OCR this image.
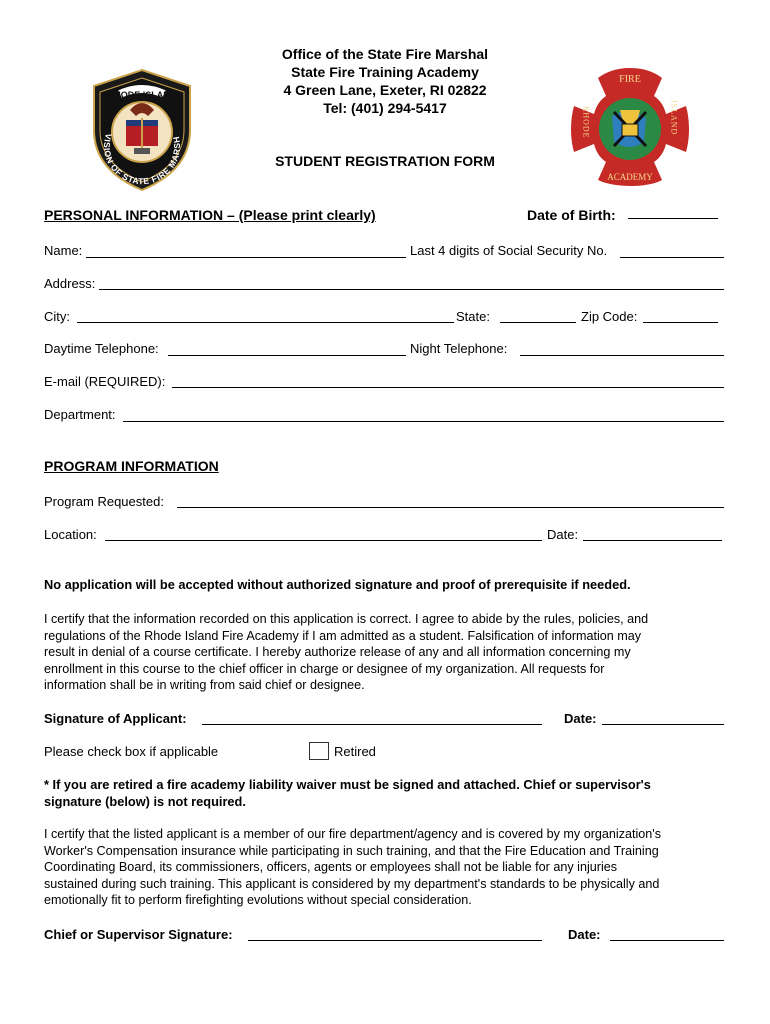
Office of the State Fire Marshal
State Fire Training Academy
4 Green Lane, Exeter, RI 02822
Tel: (401) 294-5417
STUDENT REGISTRATION FORM
RHODE ISLAND
VISION OF STATE FIRE MARSH
FIRE
ACADEMY
RHODE	ISLAND
PERSONAL INFORMATION – (Please print clearly)	Date of Birth:
Name:	Last 4 digits of Social Security No.
Address:
City:	State:	Zip Code:
Daytime Telephone:	Night Telephone:
E-mail (REQUIRED):
Department:
PROGRAM INFORMATION
Program Requested:
Location:	Date:
No application will be accepted without authorized signature and proof of prerequisite if needed.
I certify that the information recorded on this application is correct. I agree to abide by the rules, policies, and
regulations of the Rhode Island Fire Academy if I am admitted as a student. Falsification of information may
result in denial of a course certificate. I hereby authorize release of any and all information concerning my
enrollment in this course to the chief officer in charge or designee of my organization. All requests for
information shall be in writing from said chief or designee.
Signature of Applicant:	Date:
Please check box if applicable	Retired
* If you are retired a fire academy liability waiver must be signed and attached. Chief or supervisor's
signature (below) is not required.
I certify that the listed applicant is a member of our fire department/agency and is covered by my organization's
Worker's Compensation insurance while participating in such training, and that the Fire Education and Training
Coordinating Board, its commissioners, officers, agents or employees shall not be liable for any injuries
sustained during such training. This applicant is considered by my department's standards to be physically and
emotionally fit to perform firefighting evolutions without special consideration.
Chief or Supervisor Signature:	Date:
